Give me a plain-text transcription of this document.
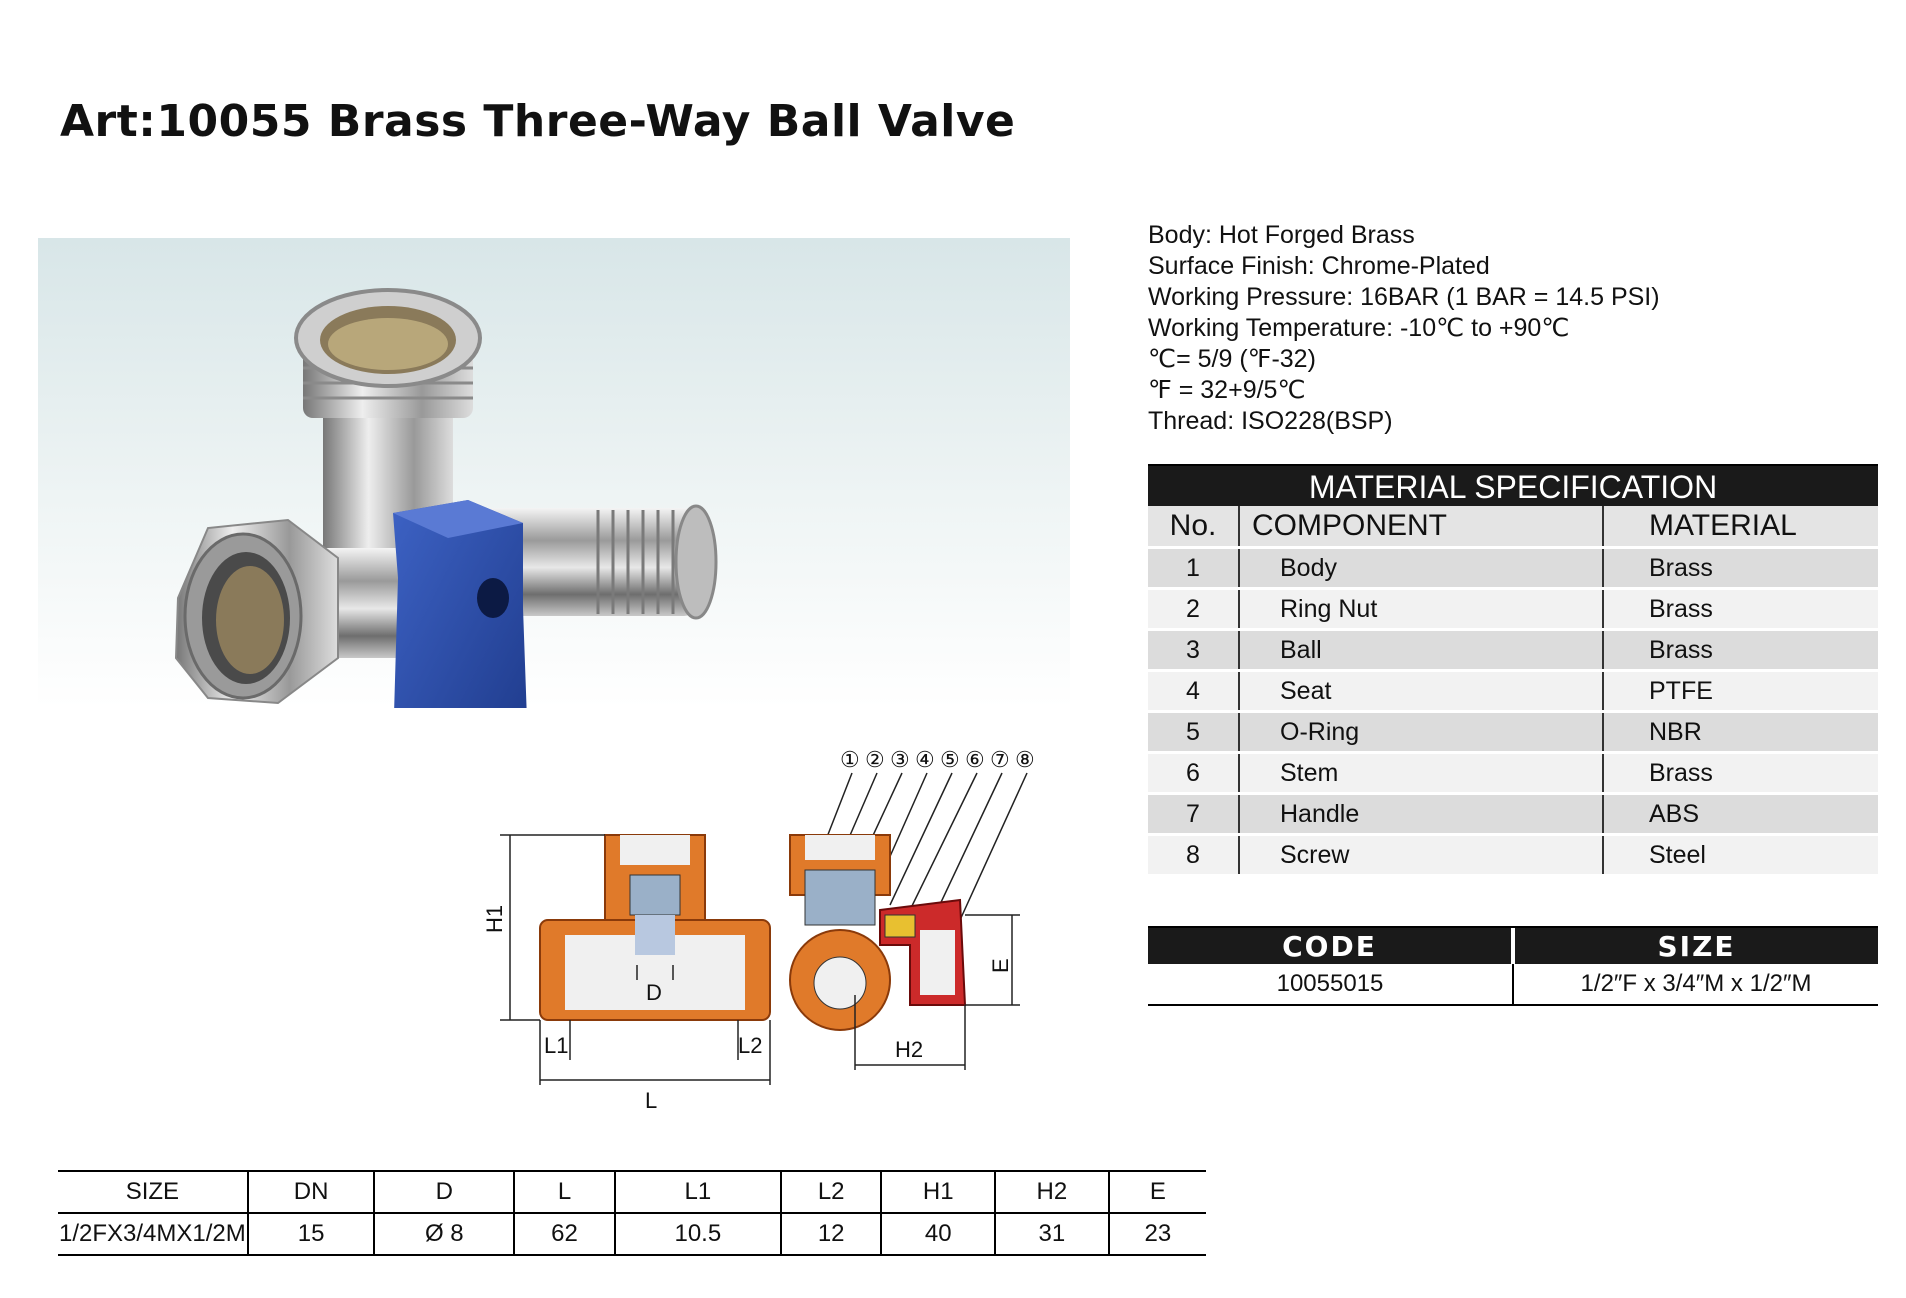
Art:10055 Brass Three-Way Ball Valve
Body: Hot Forged Brass
Surface Finish: Chrome-Plated
Working Pressure: 16BAR (1 BAR = 14.5 PSI)
Working Temperature: -10℃ to +90℃
℃= 5/9 (℉-32)
℉ = 32+9/5℃
Thread: ISO228(BSP)
MATERIAL SPECIFICATION
No.	COMPONENT	MATERIAL
1	Body	Brass
2	Ring Nut	Brass
3	Ball	Brass
4	Seat	PTFE
5	O-Ring	NBR
6	Stem	Brass
7	Handle	ABS
8	Screw	Steel
CODE	SIZE
10055015	1/2″F x 3/4″M x 1/2″M
① ② ③ ④ ⑤ ⑥ ⑦ ⑧
H1
D
L1	L2
L
E
H2
SIZE	DN	D	L	L1	L2	H1	H2	E
1/2FX3/4MX1/2M	15	Ø 8	62	10.5	12	40	31	23
